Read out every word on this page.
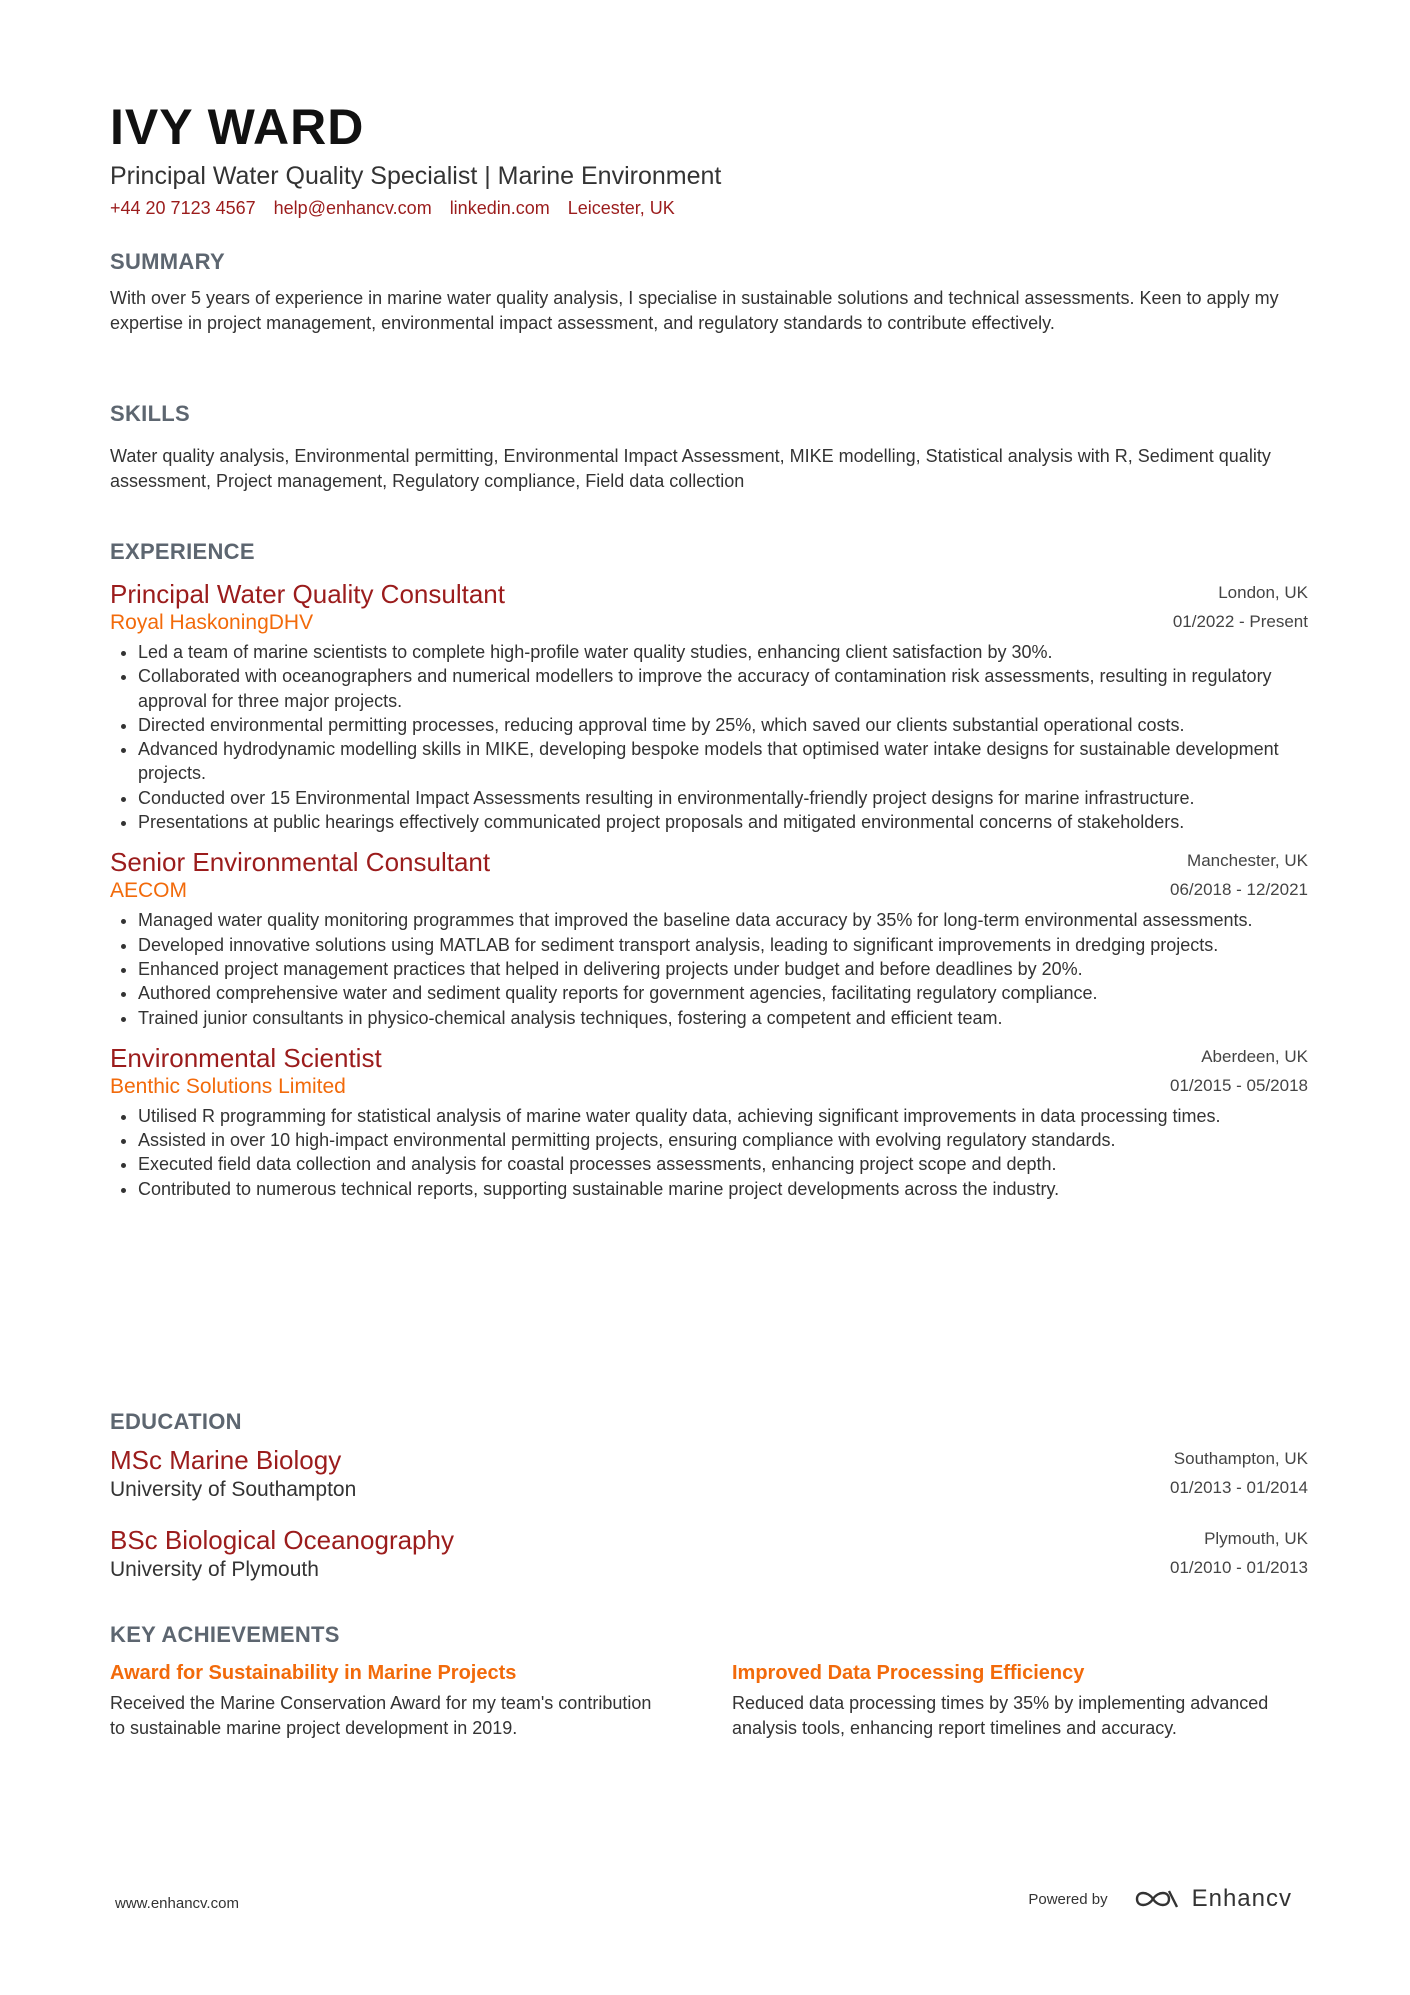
IVY WARD
Principal Water Quality Specialist | Marine Environment
+44 20 7123 4567 help@enhancv.com linkedin.com Leicester, UK
SUMMARY
With over 5 years of experience in marine water quality analysis, I specialise in sustainable solutions and technical assessments. Keen to apply my expertise in project management, environmental impact assessment, and regulatory standards to contribute effectively.
SKILLS
Water quality analysis, Environmental permitting, Environmental Impact Assessment, MIKE modelling, Statistical analysis with R, Sediment quality assessment, Project management, Regulatory compliance, Field data collection
EXPERIENCE
Principal Water Quality Consultant
Royal HaskoningDHV
London, UK
01/2022 - Present
• Led a team of marine scientists to complete high-profile water quality studies, enhancing client satisfaction by 30%.
• Collaborated with oceanographers and numerical modellers to improve the accuracy of contamination risk assessments, resulting in regulatory approval for three major projects.
• Directed environmental permitting processes, reducing approval time by 25%, which saved our clients substantial operational costs.
• Advanced hydrodynamic modelling skills in MIKE, developing bespoke models that optimised water intake designs for sustainable development projects.
• Conducted over 15 Environmental Impact Assessments resulting in environmentally-friendly project designs for marine infrastructure.
• Presentations at public hearings effectively communicated project proposals and mitigated environmental concerns of stakeholders.
Senior Environmental Consultant
AECOM
Manchester, UK
06/2018 - 12/2021
• Managed water quality monitoring programmes that improved the baseline data accuracy by 35% for long-term environmental assessments.
• Developed innovative solutions using MATLAB for sediment transport analysis, leading to significant improvements in dredging projects.
• Enhanced project management practices that helped in delivering projects under budget and before deadlines by 20%.
• Authored comprehensive water and sediment quality reports for government agencies, facilitating regulatory compliance.
• Trained junior consultants in physico-chemical analysis techniques, fostering a competent and efficient team.
Environmental Scientist
Benthic Solutions Limited
Aberdeen, UK
01/2015 - 05/2018
• Utilised R programming for statistical analysis of marine water quality data, achieving significant improvements in data processing times.
• Assisted in over 10 high-impact environmental permitting projects, ensuring compliance with evolving regulatory standards.
• Executed field data collection and analysis for coastal processes assessments, enhancing project scope and depth.
• Contributed to numerous technical reports, supporting sustainable marine project developments across the industry.
EDUCATION
MSc Marine Biology
University of Southampton
Southampton, UK
01/2013 - 01/2014
BSc Biological Oceanography
University of Plymouth
Plymouth, UK
01/2010 - 01/2013
KEY ACHIEVEMENTS
Award for Sustainability in Marine Projects
Received the Marine Conservation Award for my team's contribution to sustainable marine project development in 2019.
Improved Data Processing Efficiency
Reduced data processing times by 35% by implementing advanced analysis tools, enhancing report timelines and accuracy.
www.enhancv.com	Powered by	Enhancv
